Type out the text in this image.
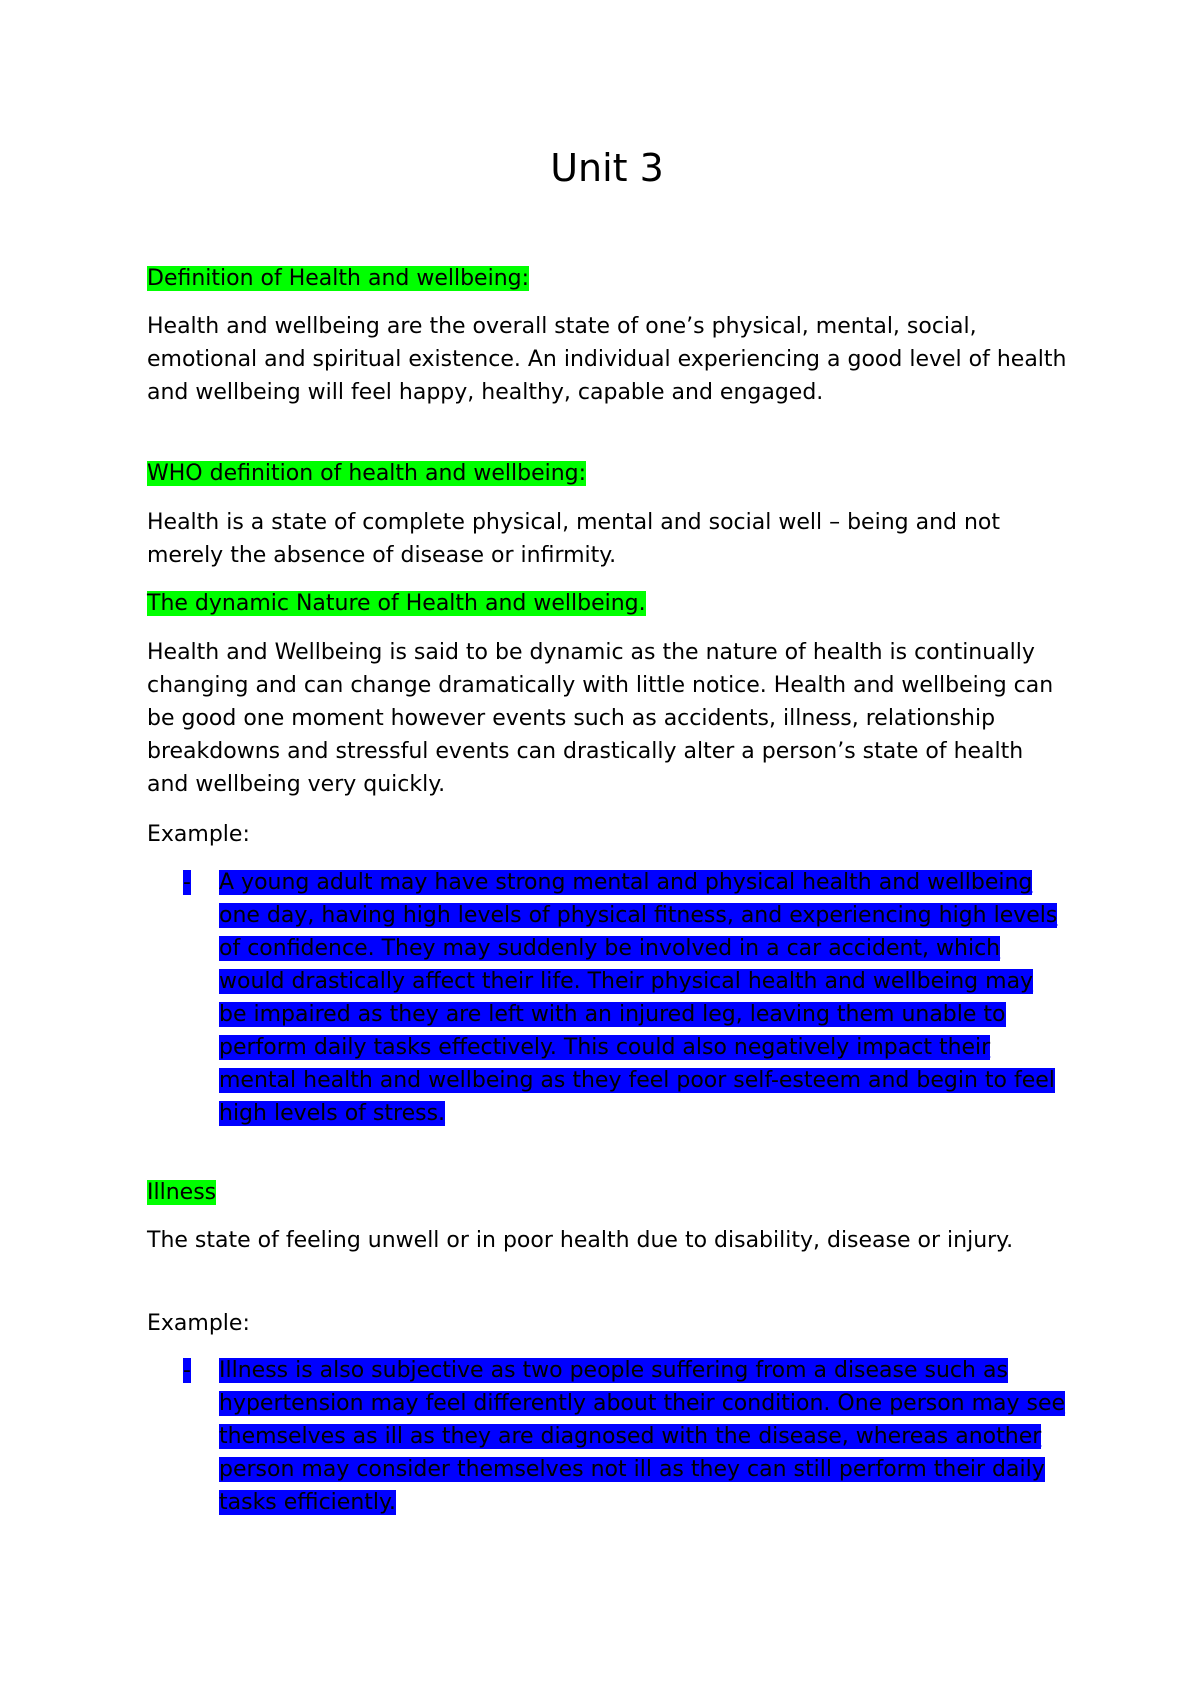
Unit 3

Definition of Health and wellbeing:

Health and wellbeing are the overall state of one’s physical, mental, social, emotional and spiritual existence. An individual experiencing a good level of health and wellbeing will feel happy, healthy, capable and engaged.

WHO definition of health and wellbeing:

Health is a state of complete physical, mental and social well – being and not merely the absence of disease or infirmity.

The dynamic Nature of Health and wellbeing.

Health and Wellbeing is said to be dynamic as the nature of health is continually changing and can change dramatically with little notice. Health and wellbeing can be good one moment however events such as accidents, illness, relationship breakdowns and stressful events can drastically alter a person’s state of health and wellbeing very quickly.

Example:

-	A young adult may have strong mental and physical health and wellbeing one day, having high levels of physical fitness, and experiencing high levels of confidence. They may suddenly be involved in a car accident, which would drastically affect their life. Their physical health and wellbeing may be impaired as they are left with an injured leg, leaving them unable to perform daily tasks effectively. This could also negatively impact their mental health and wellbeing as they feel poor self-esteem and begin to feel high levels of stress.

Illness

The state of feeling unwell or in poor health due to disability, disease or injury.

Example:

-	Illness is also subjective as two people suffering from a disease such as hypertension may feel differently about their condition. One person may see themselves as ill as they are diagnosed with the disease, whereas another person may consider themselves not ill as they can still perform their daily tasks efficiently.
